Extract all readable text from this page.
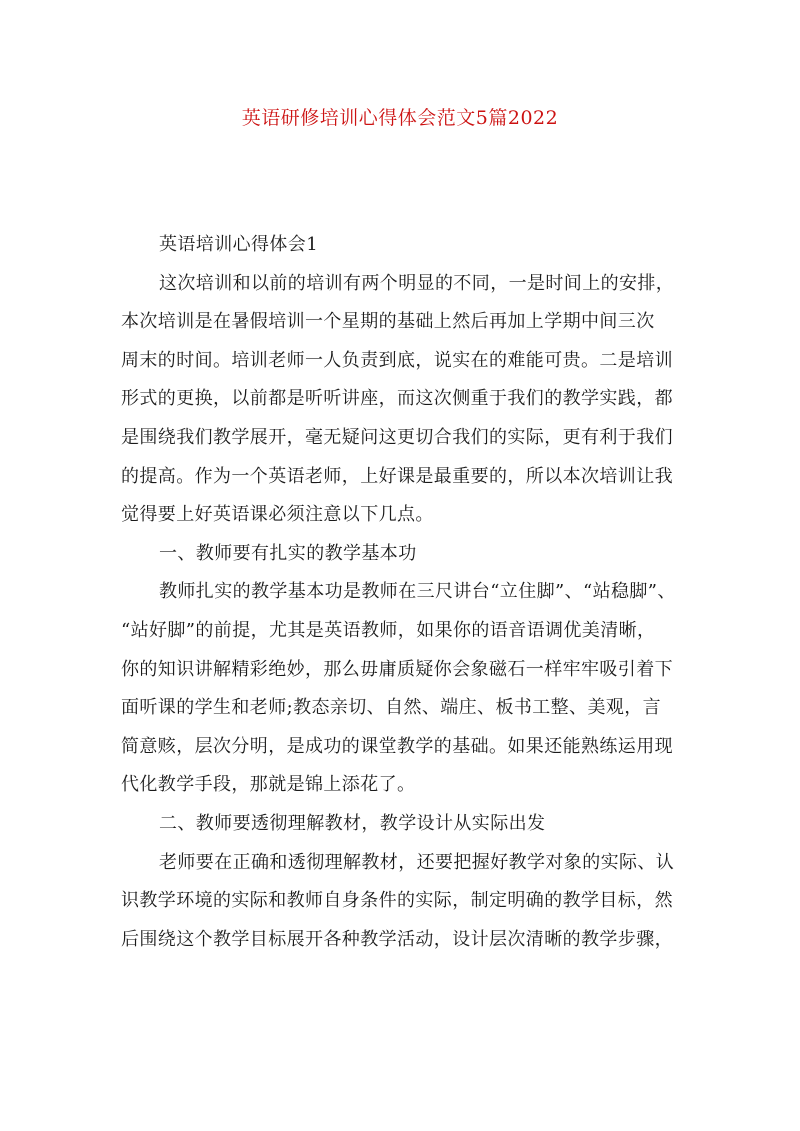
英语研修培训心得体会范文5篇2022
英语培训心得体会1
这次培训和以前的培训有两个明显的不同，一是时间上的安排，
本次培训是在暑假培训一个星期的基础上然后再加上学期中间三次
周末的时间。培训老师一人负责到底，说实在的难能可贵。二是培训
形式的更换，以前都是听听讲座，而这次侧重于我们的教学实践，都
是围绕我们教学展开，毫无疑问这更切合我们的实际，更有利于我们
的提高。作为一个英语老师，上好课是最重要的，所以本次培训让我
觉得要上好英语课必须注意以下几点。
一、教师要有扎实的教学基本功
教师扎实的教学基本功是教师在三尺讲台“立住脚”、“站稳脚”、
“站好脚”的前提，尤其是英语教师，如果你的语音语调优美清晰，
你的知识讲解精彩绝妙，那么毋庸质疑你会象磁石一样牢牢吸引着下
面听课的学生和老师;教态亲切、自然、端庄、板书工整、美观，言
简意赅，层次分明，是成功的课堂教学的基础。如果还能熟练运用现
代化教学手段，那就是锦上添花了。
二、教师要透彻理解教材，教学设计从实际出发
老师要在正确和透彻理解教材，还要把握好教学对象的实际、认
识教学环境的实际和教师自身条件的实际，制定明确的教学目标，然
后围绕这个教学目标展开各种教学活动，设计层次清晰的教学步骤，
